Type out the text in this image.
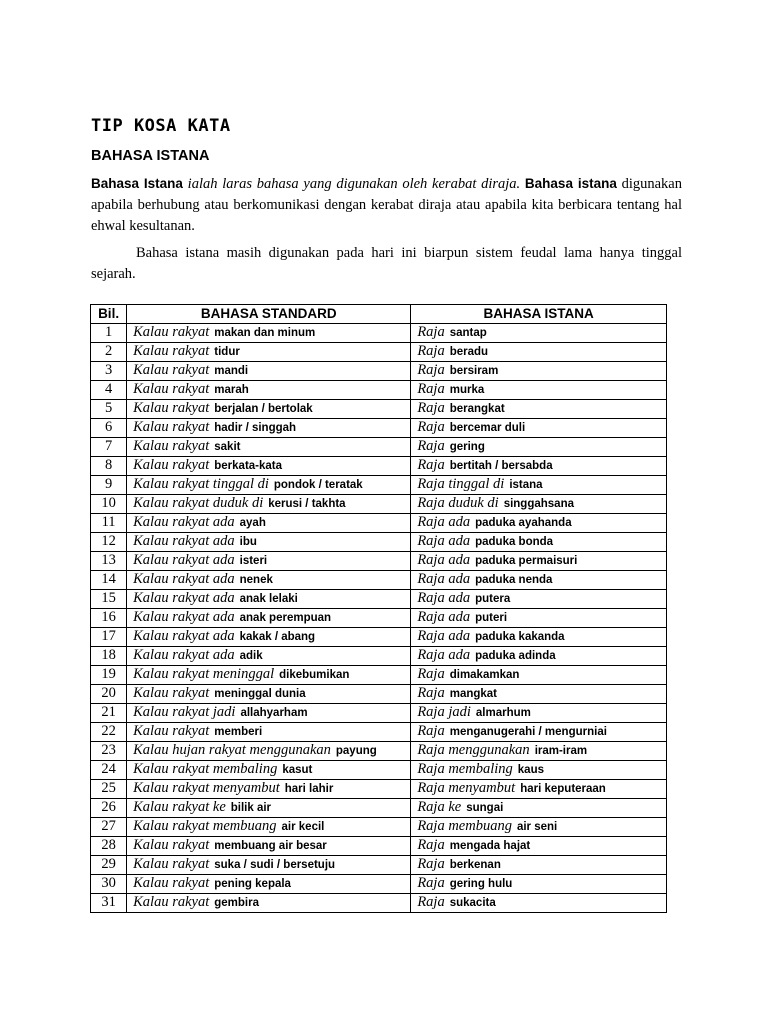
TIP KOSA KATA
BAHASA ISTANA
Bahasa Istana ialah laras bahasa yang digunakan oleh kerabat diraja. Bahasa istana digunakan apabila berhubung atau berkomunikasi dengan kerabat diraja atau apabila kita berbicara tentang hal ehwal kesultanan.
Bahasa istana masih digunakan pada hari ini biarpun sistem feudal lama hanya tinggal sejarah.
Bil.	BAHASA STANDARD	BAHASA ISTANA
1	Kalau rakyat makan dan minum	Raja santap
2	Kalau rakyat tidur	Raja beradu
3	Kalau rakyat mandi	Raja bersiram
4	Kalau rakyat marah	Raja murka
5	Kalau rakyat berjalan / bertolak	Raja berangkat
6	Kalau rakyat hadir / singgah	Raja bercemar duli
7	Kalau rakyat sakit	Raja gering
8	Kalau rakyat berkata-kata	Raja bertitah / bersabda
9	Kalau rakyat tinggal di pondok / teratak	Raja tinggal di istana
10	Kalau rakyat duduk di kerusi / takhta	Raja duduk di singgahsana
11	Kalau rakyat ada ayah	Raja ada paduka ayahanda
12	Kalau rakyat ada ibu	Raja ada paduka bonda
13	Kalau rakyat ada isteri	Raja ada paduka permaisuri
14	Kalau rakyat ada nenek	Raja ada paduka nenda
15	Kalau rakyat ada anak lelaki	Raja ada putera
16	Kalau rakyat ada anak perempuan	Raja ada puteri
17	Kalau rakyat ada kakak / abang	Raja ada paduka kakanda
18	Kalau rakyat ada adik	Raja ada paduka adinda
19	Kalau rakyat meninggal dikebumikan	Raja dimakamkan
20	Kalau rakyat meninggal dunia	Raja mangkat
21	Kalau rakyat jadi allahyarham	Raja jadi almarhum
22	Kalau rakyat memberi	Raja menganugerahi / mengurniai
23	Kalau hujan rakyat menggunakan payung	Raja menggunakan iram-iram
24	Kalau rakyat membaling kasut	Raja membaling kaus
25	Kalau rakyat menyambut hari lahir	Raja menyambut hari keputeraan
26	Kalau rakyat ke bilik air	Raja ke sungai
27	Kalau rakyat membuang air kecil	Raja membuang air seni
28	Kalau rakyat membuang air besar	Raja mengada hajat
29	Kalau rakyat suka / sudi / bersetuju	Raja berkenan
30	Kalau rakyat pening kepala	Raja gering hulu
31	Kalau rakyat gembira	Raja sukacita
